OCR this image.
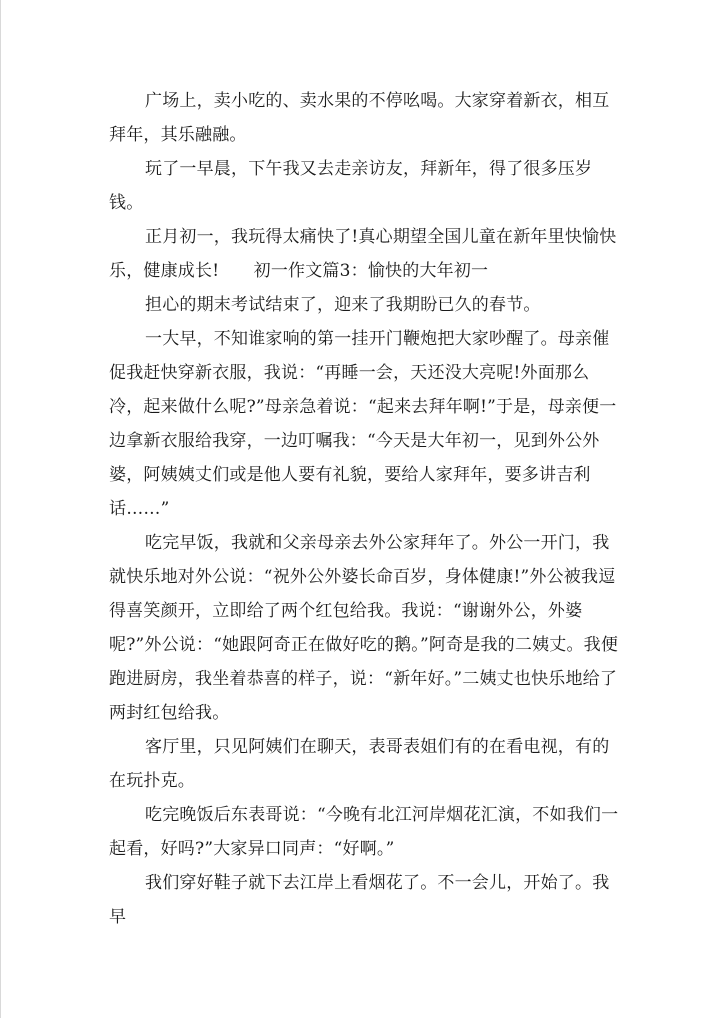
广场上，卖小吃的、卖水果的不停吆喝。大家穿着新衣，相互拜年，其乐融融。

玩了一早晨，下午我又去走亲访友，拜新年，得了很多压岁钱。

正月初一，我玩得太痛快了!真心期望全国儿童在新年里快愉快乐，健康成长!　　初一作文篇3：愉快的大年初一

担心的期末考试结束了，迎来了我期盼已久的春节。

一大早，不知谁家响的第一挂开门鞭炮把大家吵醒了。母亲催促我赶快穿新衣服，我说：“再睡一会，天还没大亮呢!外面那么冷，起来做什么呢?”母亲急着说：“起来去拜年啊!”于是，母亲便一边拿新衣服给我穿，一边叮嘱我：“今天是大年初一，见到外公外婆，阿姨姨丈们或是他人要有礼貌，要给人家拜年，要多讲吉利话……”

吃完早饭，我就和父亲母亲去外公家拜年了。外公一开门，我就快乐地对外公说：“祝外公外婆长命百岁，身体健康!”外公被我逗得喜笑颜开，立即给了两个红包给我。我说：“谢谢外公，外婆呢?”外公说：“她跟阿奇正在做好吃的鹅。”阿奇是我的二姨丈。我便跑进厨房，我坐着恭喜的样子，说：“新年好。”二姨丈也快乐地给了两封红包给我。

客厅里，只见阿姨们在聊天，表哥表姐们有的在看电视，有的在玩扑克。

吃完晚饭后东表哥说：“今晚有北江河岸烟花汇演，不如我们一起看，好吗?”大家异口同声：“好啊。”

我们穿好鞋子就下去江岸上看烟花了。不一会儿，开始了。我早
